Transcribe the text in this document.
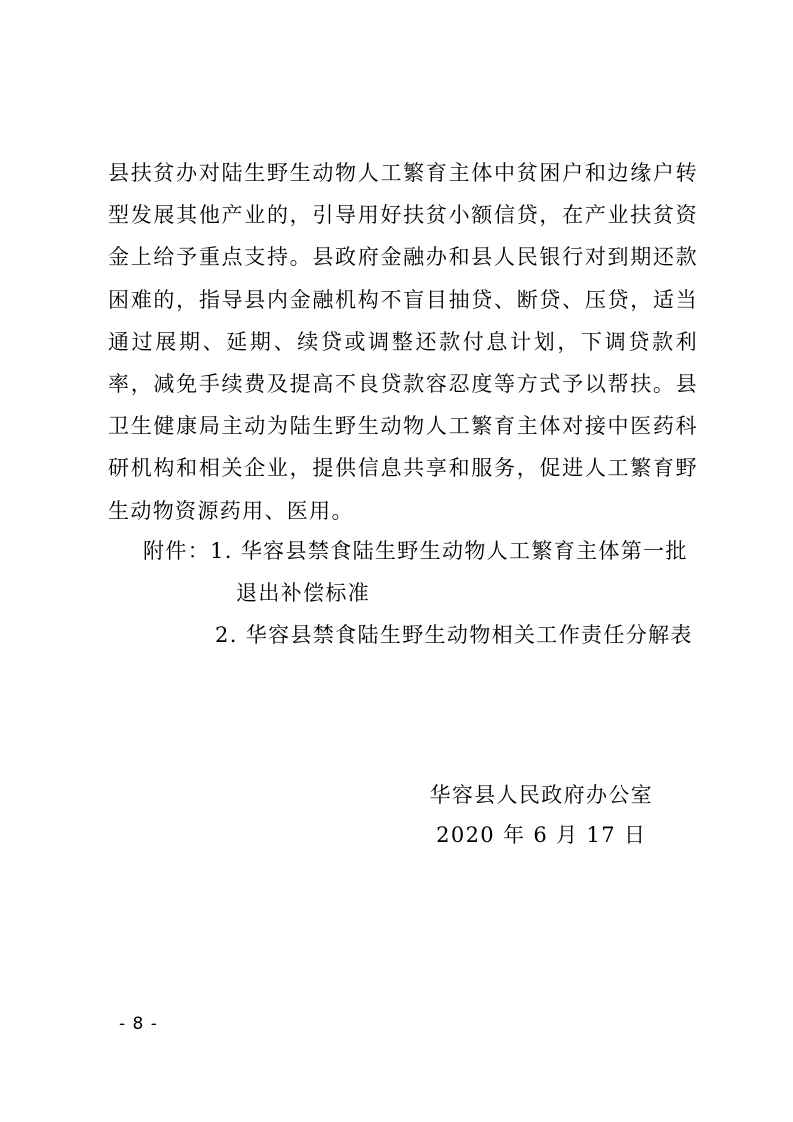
县扶贫办对陆生野生动物人工繁育主体中贫困户和边缘户转型发展其他产业的，引导用好扶贫小额信贷，在产业扶贫资金上给予重点支持。县政府金融办和县人民银行对到期还款困难的，指导县内金融机构不盲目抽贷、断贷、压贷，适当通过展期、延期、续贷或调整还款付息计划，下调贷款利率，减免手续费及提高不良贷款容忍度等方式予以帮扶。县卫生健康局主动为陆生野生动物人工繁育主体对接中医药科研机构和相关企业，提供信息共享和服务，促进人工繁育野生动物资源药用、医用。

附件：1. 华容县禁食陆生野生动物人工繁育主体第一批
退出补偿标准
2. 华容县禁食陆生野生动物相关工作责任分解表
华容县人民政府办公室
2020 年 6 月 17 日
- 8 -
